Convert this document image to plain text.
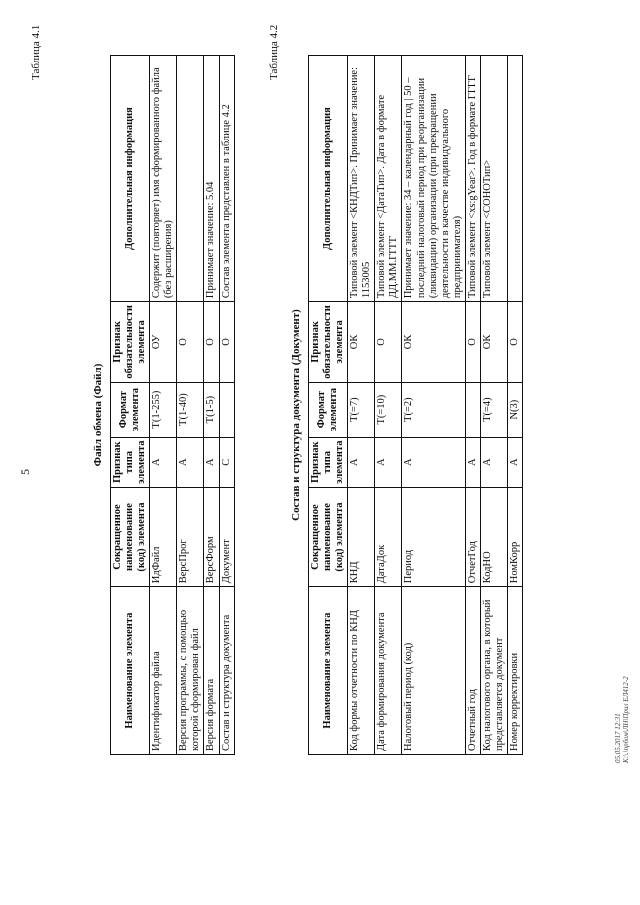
5
Таблица 4.1
Файл обмена (Файл)
Наименование элемента	Сокращенное наименование (код) элемента	Признак типа элемента	Формат элемента	Признак обязательности элемента	Дополнительная информация
Идентификатор файла	ИдФайл	А	T(1-255)	ОУ	Содержит (повторяет) имя сформированного файла (без расширения)
Версия программы, с помощью которой сформирован файл	ВерсПрог	А	T(1-40)	О	
Версия формата	ВерсФорм	А	T(1-5)	О	Принимает значение: 5.04
Состав и структура документа	Документ	С		О	Состав элемента представлен в таблице 4.2
Таблица 4.2
Состав и структура документа (Документ)
Наименование элемента	Сокращенное наименование (код) элемента	Признак типа элемента	Формат элемента	Признак обязательности элемента	Дополнительная информация
Код формы отчетности по КНД	КНД	А	T(=7)	ОК	Типовой элемент <КНДТип>. Принимает значение: 1153005
Дата формирования документа	ДатаДок	А	T(=10)	О	Типовой элемент <ДатаТип>. Дата в формате ДД.ММ.ГГГГ
Налоговый период (код)	Период	А	T(=2)	ОК	Принимает значение: 34 – календарный год | 50 – последний налоговый период при реорганизации (ликвидации) организации (при прекращении деятельности в качестве индивидуального предпринимателя)
Отчетный год	ОтчетГод	А		О	Типовой элемент <xs:gYear>. Год в формате ГГГГ
Код налогового органа, в который представляется документ	КодНО	А	T(=4)	ОК	Типовой элемент <СОНОТип>
Номер корректировки	НомКорр	А	N(3)	О	
05.05.2017 12:31 К:\.\nрбом\ЛН\Прил ЕЛ412-2
